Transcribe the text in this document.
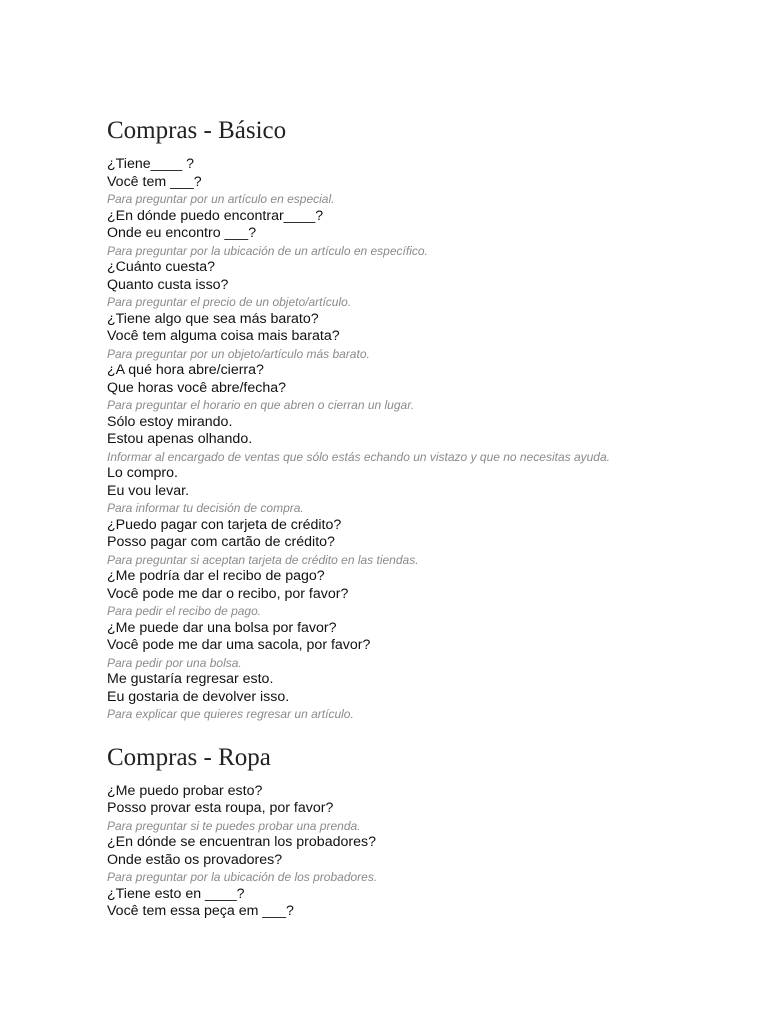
Compras - Básico
¿Tiene____ ?
Você tem ___?
Para preguntar por un artículo en especial.
¿En dónde puedo encontrar____?
Onde eu encontro ___?
Para preguntar por la ubicación de un artículo en específico.
¿Cuánto cuesta?
Quanto custa isso?
Para preguntar el precio de un objeto/artículo.
¿Tiene algo que sea más barato?
Você tem alguma coisa mais barata?
Para preguntar por un objeto/artículo más barato.
¿A qué hora abre/cierra?
Que horas você abre/fecha?
Para preguntar el horario en que abren o cierran un lugar.
Sólo estoy mirando.
Estou apenas olhando.
Informar al encargado de ventas que sólo estás echando un vistazo y que no necesitas ayuda.
Lo compro.
Eu vou levar.
Para informar tu decisión de compra.
¿Puedo pagar con tarjeta de crédito?
Posso pagar com cartão de crédito?
Para preguntar si aceptan tarjeta de crédito en las tiendas.
¿Me podría dar el recibo de pago?
Você pode me dar o recibo, por favor?
Para pedir el recibo de pago.
¿Me puede dar una bolsa por favor?
Você pode me dar uma sacola, por favor?
Para pedir por una bolsa.
Me gustaría regresar esto.
Eu gostaria de devolver isso.
Para explicar que quieres regresar un artículo.
Compras - Ropa
¿Me puedo probar esto?
Posso provar esta roupa, por favor?
Para preguntar si te puedes probar una prenda.
¿En dónde se encuentran los probadores?
Onde estão os provadores?
Para preguntar por la ubicación de los probadores.
¿Tiene esto en ____?
Você tem essa peça em ___?
